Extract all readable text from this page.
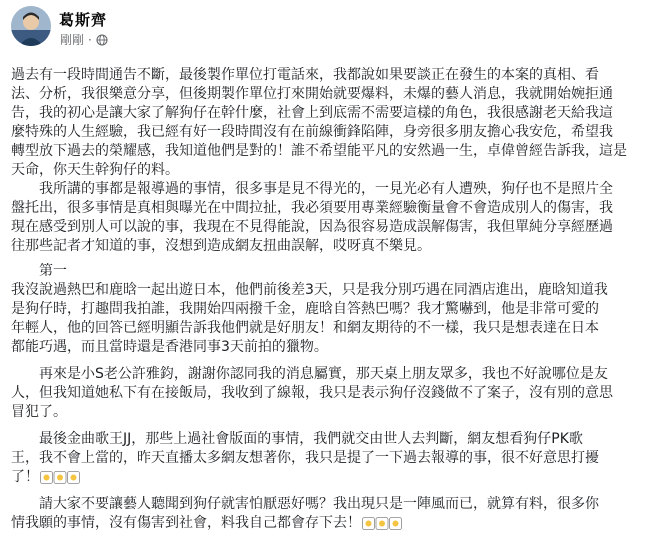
葛斯齊
剛剛 ·
過去有一段時間通告不斷，最後製作單位打電話來，我都說如果要談正在發生的本案的真相、看
法、分析，我很樂意分享，但後期製作單位打來開始就要爆料，未爆的藝人消息，我就開始婉拒通
告，我的初心是讓大家了解狗仔在幹什麼，社會上到底需不需要這樣的角色，我很感謝老天給我這
麼特殊的人生經驗，我已經有好一段時間沒有在前線衝鋒陷陣，身旁很多朋友擔心我安危，希望我
轉型放下過去的榮耀感，我知道他們是對的！誰不希望能平凡的安然過一生，卓偉曾經告訴我，這是
天命，你天生幹狗仔的料。
　　我所講的事都是報導過的事情，很多事是見不得光的，一見光必有人遭殃，狗仔也不是照片全
盤托出，很多事情是真相與曝光在中間拉扯，我必須要用專業經驗衡量會不會造成別人的傷害，我
現在感受到別人可以說的事，我現在不見得能說，因為很容易造成誤解傷害，我但單純分享經歷過
往那些記者才知道的事，沒想到造成網友扭曲誤解，哎呀真不樂見。
　　第一
我沒說過熱巴和鹿晗一起出遊日本，他們前後差3天，只是我分別巧遇在同酒店進出，鹿晗知道我
是狗仔時，打趣問我拍誰，我開始四兩撥千金，鹿晗自答熱巴嗎？我才驚嚇到，他是非常可愛的
年輕人，他的回答已經明顯告訴我他們就是好朋友！和網友期待的不一樣，我只是想表達在日本
都能巧遇，而且當時還是香港同事3天前拍的獵物。
　　再來是小S老公許雅鈞，謝謝你認同我的消息屬實，那天桌上朋友眾多，我也不好說哪位是友
人，但我知道她私下有在接飯局，我收到了線報，我只是表示狗仔沒錢做不了案子，沒有別的意思
冒犯了。
　　最後金曲歌王JJ，那些上過社會版面的事情，我們就交由世人去判斷，網友想看狗仔PK歌
王，我不會上當的，昨天直播太多網友想著你，我只是提了一下過去報導的事，很不好意思打擾
了！
　　請大家不要讓藝人聽聞到狗仔就害怕厭惡好嗎？我出現只是一陣風而已，就算有料，很多你
情我願的事情，沒有傷害到社會，料我自己都會存下去！
